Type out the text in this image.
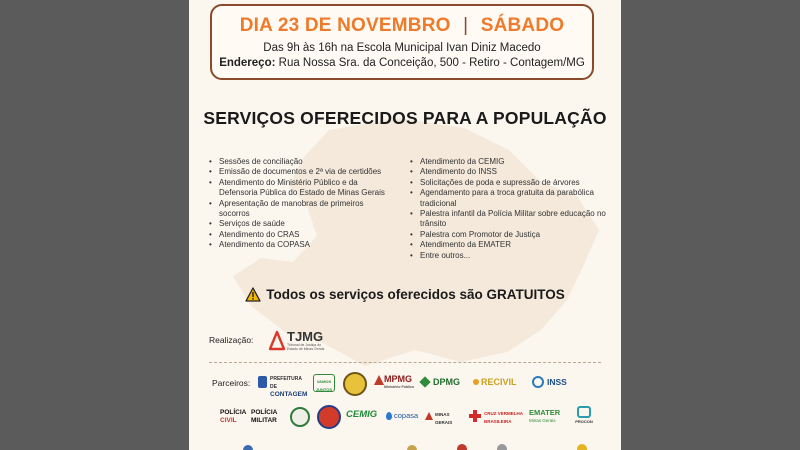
DIA 23 DE NOVEMBRO | SÁBADO
Das 9h às 16h na Escola Municipal Ivan Diniz Macedo
Endereço: Rua Nossa Sra. da Conceição, 500 - Retiro - Contagem/MG
SERVIÇOS OFERECIDOS PARA A POPULAÇÃO
• Sessões de conciliação
• Emissão de documentos e 2ª via de certidões
• Atendimento do Ministério Público e da Defensoria Pública do Estado de Minas Gerais
• Apresentação de manobras de primeiros socorros
• Serviços de saúde
• Atendimento do CRAS
• Atendimento da COPASA
• Atendimento da CEMIG
• Atendimento do INSS
• Solicitações de poda e supressão de árvores
• Agendamento para a troca gratuita da parabólica tradicional
• Palestra infantil da Polícia Militar sobre educação no trânsito
• Palestra com Promotor de Justiça
• Atendimento da EMATER
• Entre outros...
Todos os serviços oferecidos são GRATUITOS
Realização:	TJMG
Tribunal de Justiça do Estado de Minas Gerais
Parceiros:	PREFEITURA DE
CONTAGEM
VAMOS
JUNTOS
MPMG
Ministério Público	DPMG	RECIVIL	INSS
POLÍCIA
CIVIL
POLÍCIA
MILITAR
CEMIG	copasa	MINAS
GERAIS
CRUZ VERMELHA
BRASILEIRA
EMATER
Minas Gerais	PROCON
